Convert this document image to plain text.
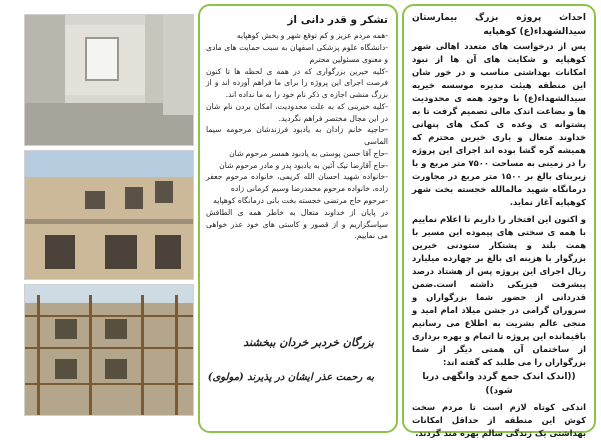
تشکر و قدر دانی از
-همه مردم عزیز و کم توقع شهر و بخش کوهپایه
-دانشگاه علوم پزشکی اصفهان به سبب حمایت های مادی و معنوی مسئولین محترم
-کلیه خیرین بزرگواری که در همه ی لحظه ها تا کنون فرصت اجرای این پروژه را برای ما فراهم آورده اند و از بزرگ منشی اجازه ی ذکر نام خود را به ما نداده اند.
-کلیه خیرینی که به علت محدودیت، امکان بردن نام شان در این مجال مختصر فراهم نگردید.
-حاجیه خانم زادان به یادبود فرزندشان مرحومه سیما الماسی
-حاج آقا حسن پوستی به یادبود همسر مرحوم شان
-حاج آقارضا تیک آئین به یادبود پدر و مادر مرحوم شان
-خانواده شهید احسان الله کریمی، خانواده مرحوم جعفر زاده، خانواده مرحوم محمدرضا وسیم کرمانی زاده
-مرحوم حاج مرتضی خجسته بخت بانی درمانگاه کوهپایه
در پایان از خداوند متعال به خاطر همه ی الطافش سپاسگزاریم و از قصور و کاستی های خود عذر خواهی می نماییم.
بزرگان خردبر خردان ببخشند
به رحمت عذر ایشان در پذیرند (مولوی)

احداث پروژه بزرگ بیمارستان سیدالشهداء(ع) کوهپایه

پس از درخواست های متعدد اهالی شهر کوهپایه و شکایت های آن ها از نبود امکانات بهداشتی مناسب و در خور شان این منطقه هیئت مدیره موسسه خیریه سیدالشهداء(ع) با وجود همه ی محدودیت ها و بضاعت اندک مالی تصمیم گرفت تا به پشتوانه ی وعده ی کمک های پنهانی خداوند متعال و یاری خیرین محترم که همیشه گره گشا بوده اند اجرای این پروژه را در زمینی به مساحت ۷۵۰۰ متر مربع و با زیربنای بالغ بر ۱۵۰۰ متر مربع در مجاورت درمانگاه شهید مالمالله خجسته بخت شهر کوهپایه آغاز نماید.

و اکنون این افتخار را داریم تا اعلام نماییم با همه ی سختی های پیموده این مسیر با همت بلند و پشتکار ستودنی خیرین بزرگوار با هزینه ای بالغ بر چهارده میلیارد ریال اجرای این پروژه پس از هشتاد درصد پیشرفت فیزیکی داشته است.ضمن قدردانی از حضور شما بزرگواران و سروران گرامی در جشن میلاد امام امید و منجی عالم بشریت به اطلاع می رسانیم باقیمانده این پروژه تا اتمام و بهره برداری از ساختمان آن همتی دیگر از شما بزرگواران را می طلبد که گفته اند:

((اندک اندک جمع گردد وانگهی دریا شود))

اندکی کوتاه لازم است تا مردم سخت کوش این منطقه از حداقل امکانات بهداشتی یک زندگی سالم بهره مند گردند.
